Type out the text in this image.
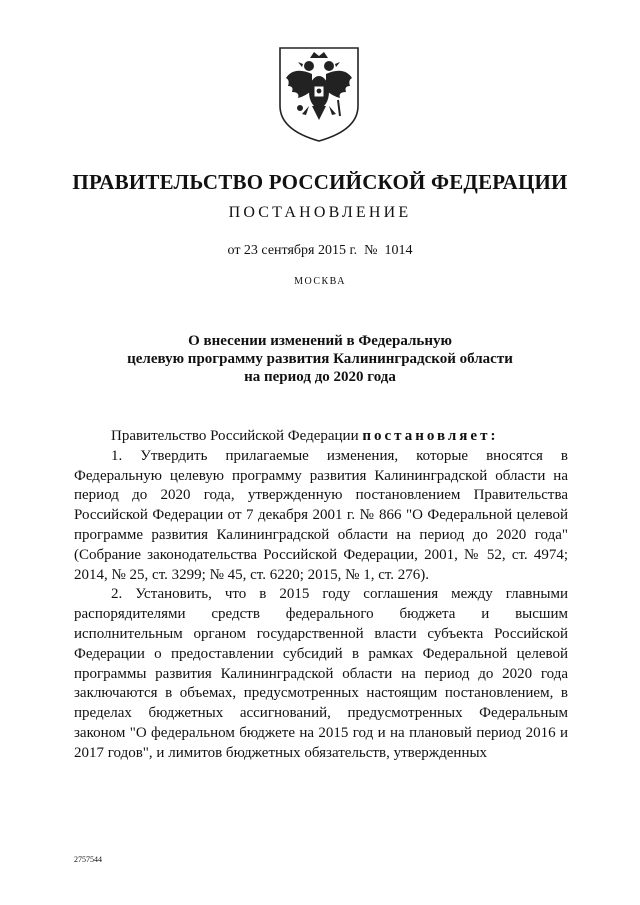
ПРАВИТЕЛЬСТВО РОССИЙСКОЙ ФЕДЕРАЦИИ
ПОСТАНОВЛЕНИЕ
от 23 сентября 2015 г.  №  1014
МОСКВА
О внесении изменений в Федеральную
целевую программу развития Калининградской области
на период до 2020 года

Правительство Российской Федерации постановляет:

1. Утвердить прилагаемые изменения, которые вносятся в Федеральную целевую программу развития Калининградской области на период до 2020 года, утвержденную постановлением Правительства Российской Федерации от 7 декабря 2001 г. № 866 "О Федеральной целевой программе развития Калининградской области на период до 2020 года" (Собрание законодательства Российской Федерации, 2001, № 52, ст. 4974; 2014, № 25, ст. 3299; № 45, ст. 6220; 2015, № 1, ст. 276).

2. Установить, что в 2015 году соглашения между главными распорядителями средств федерального бюджета и высшим исполнительным органом государственной власти субъекта Российской Федерации о предоставлении субсидий в рамках Федеральной целевой программы развития Калининградской области на период до 2020 года заключаются в объемах, предусмотренных настоящим постановлением, в пределах бюджетных ассигнований, предусмотренных Федеральным законом "О федеральном бюджете на 2015 год и на плановый период 2016 и 2017 годов", и лимитов бюджетных обязательств, утвержденных

2757544
